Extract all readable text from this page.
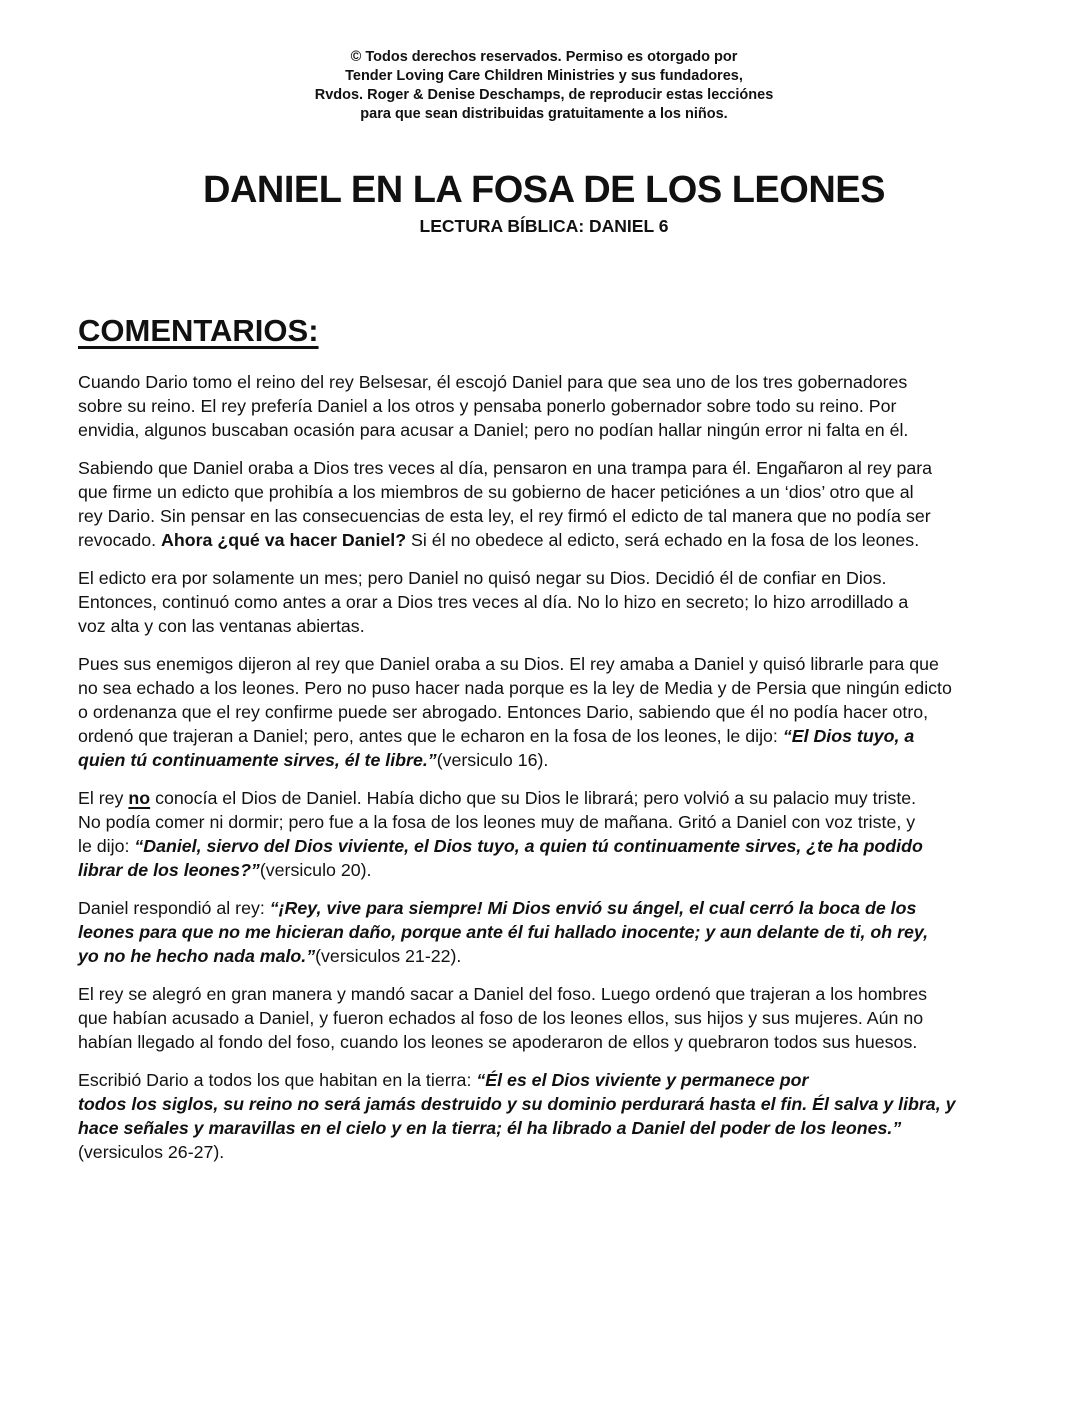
© Todos derechos reservados. Permiso es otorgado por
Tender Loving Care Children Ministries y sus fundadores,
Rvdos. Roger & Denise Deschamps, de reproducir estas lecciónes
para que sean distribuidas gratuitamente a los niños.
DANIEL EN LA FOSA DE LOS LEONES
LECTURA BÍBLICA: DANIEL 6
COMENTARIOS:
Cuando Dario tomo el reino del rey Belsesar, él escojó Daniel para que sea uno de los tres gobernadores
sobre su reino. El rey prefería Daniel a los otros y pensaba ponerlo gobernador sobre todo su reino. Por
envidia, algunos buscaban ocasión para acusar a Daniel; pero no podían hallar ningún error ni falta en él.
Sabiendo que Daniel oraba a Dios tres veces al día, pensaron en una trampa para él. Engañaron al rey para
que firme un edicto que prohibía a los miembros de su gobierno de hacer peticiónes a un ‘dios’ otro que al
rey Dario. Sin pensar en las consecuencias de esta ley, el rey firmó el edicto de tal manera que no podía ser
revocado. Ahora ¿qué va hacer Daniel? Si él no obedece al edicto, será echado en la fosa de los leones.
El edicto era por solamente un mes; pero Daniel no quisó negar su Dios. Decidió él de confiar en Dios.
Entonces, continuó como antes a orar a Dios tres veces al día. No lo hizo en secreto; lo hizo arrodillado a
voz alta y con las ventanas abiertas.
Pues sus enemigos dijeron al rey que Daniel oraba a su Dios. El rey amaba a Daniel y quisó librarle para que
no sea echado a los leones. Pero no puso hacer nada porque es la ley de Media y de Persia que ningún edicto
o ordenanza que el rey confirme puede ser abrogado. Entonces Dario, sabiendo que él no podía hacer otro,
ordenó que trajeran a Daniel; pero, antes que le echaron en la fosa de los leones, le dijo: “El Dios tuyo, a
quien tú continuamente sirves, él te libre.”(versiculo 16).
El rey no conocía el Dios de Daniel. Había dicho que su Dios le librará; pero volvió a su palacio muy triste.
No podía comer ni dormir; pero fue a la fosa de los leones muy de mañana. Gritó a Daniel con voz triste, y
le dijo: “Daniel, siervo del Dios viviente, el Dios tuyo, a quien tú continuamente sirves, ¿te ha podido
librar de los leones?”(versiculo 20).
Daniel respondió al rey: “¡Rey, vive para siempre! Mi Dios envió su ángel, el cual cerró la boca de los
leones para que no me hicieran daño, porque ante él fui hallado inocente; y aun delante de ti, oh rey,
yo no he hecho nada malo.”(versiculos 21-22).
El rey se alegró en gran manera y mandó sacar a Daniel del foso. Luego ordenó que trajeran a los hombres
que habían acusado a Daniel, y fueron echados al foso de los leones ellos, sus hijos y sus mujeres. Aún no
habían llegado al fondo del foso, cuando los leones se apoderaron de ellos y quebraron todos sus huesos.
Escribió Dario a todos los que habitan en la tierra: “Él es el Dios viviente y permanece por
todos los siglos, su reino no será jamás destruido y su dominio perdurará hasta el fin. Él salva y libra, y
hace señales y maravillas en el cielo y en la tierra; él ha librado a Daniel del poder de los leones.”
(versiculos 26-27).
